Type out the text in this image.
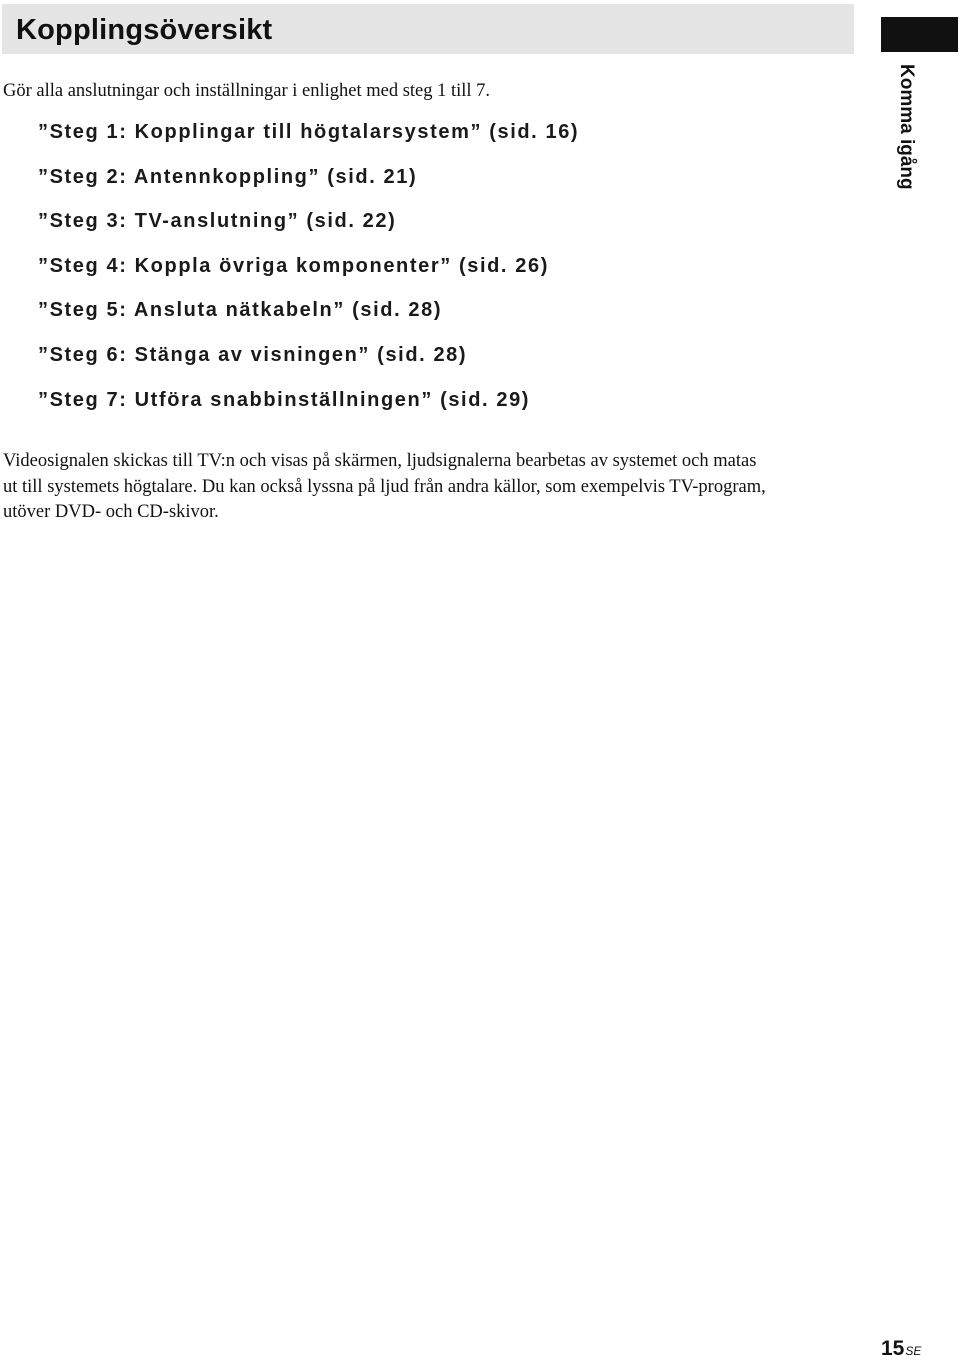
Kopplingsöversikt
Komma igång

Gör alla anslutningar och inställningar i enlighet med steg 1 till 7.

”Steg 1: Kopplingar till högtalarsystem” (sid. 16)
”Steg 2: Antennkoppling” (sid. 21)
”Steg 3: TV-anslutning” (sid. 22)
”Steg 4: Koppla övriga komponenter” (sid. 26)
”Steg 5: Ansluta nätkabeln” (sid. 28)
”Steg 6: Stänga av visningen” (sid. 28)
”Steg 7: Utföra snabbinställningen” (sid. 29)

Videosignalen skickas till TV:n och visas på skärmen, ljudsignalerna bearbetas av systemet och matas
ut till systemets högtalare. Du kan också lyssna på ljud från andra källor, som exempelvis TV-program,
utöver DVD- och CD-skivor.

$15^{SE}$
